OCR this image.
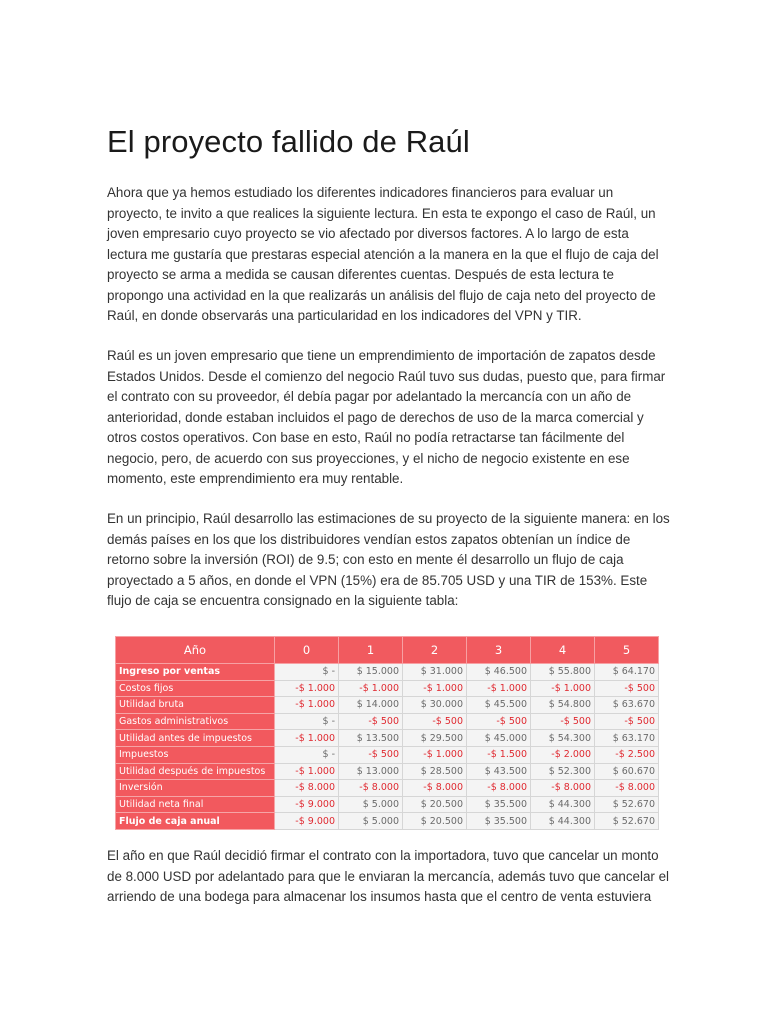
El proyecto fallido de Raúl

Ahora que ya hemos estudiado los diferentes indicadores financieros para evaluar un
proyecto, te invito a que realices la siguiente lectura. En esta te expongo el caso de Raúl, un
joven empresario cuyo proyecto se vio afectado por diversos factores. A lo largo de esta
lectura me gustaría que prestaras especial atención a la manera en la que el flujo de caja del
proyecto se arma a medida se causan diferentes cuentas. Después de esta lectura te
propongo una actividad en la que realizarás un análisis del flujo de caja neto del proyecto de
Raúl, en donde observarás una particularidad en los indicadores del VPN y TIR.

Raúl es un joven empresario que tiene un emprendimiento de importación de zapatos desde
Estados Unidos. Desde el comienzo del negocio Raúl tuvo sus dudas, puesto que, para firmar
el contrato con su proveedor, él debía pagar por adelantado la mercancía con un año de
anterioridad, donde estaban incluidos el pago de derechos de uso de la marca comercial y
otros costos operativos. Con base en esto, Raúl no podía retractarse tan fácilmente del
negocio, pero, de acuerdo con sus proyecciones, y el nicho de negocio existente en ese
momento, este emprendimiento era muy rentable.

En un principio, Raúl desarrollo las estimaciones de su proyecto de la siguiente manera: en los
demás países en los que los distribuidores vendían estos zapatos obtenían un índice de
retorno sobre la inversión (ROI) de 9.5; con esto en mente él desarrollo un flujo de caja
proyectado a 5 años, en donde el VPN (15%) era de 85.705 USD y una TIR de 153%. Este
flujo de caja se encuentra consignado en la siguiente tabla:

Año	0	1	2	3	4	5
Ingreso por ventas	$ -	$ 15.000	$ 31.000	$ 46.500	$ 55.800	$ 64.170
Costos fijos	-$ 1.000	-$ 1.000	-$ 1.000	-$ 1.000	-$ 1.000	-$ 500
Utilidad bruta	-$ 1.000	$ 14.000	$ 30.000	$ 45.500	$ 54.800	$ 63.670
Gastos administrativos	$ -	-$ 500	-$ 500	-$ 500	-$ 500	-$ 500
Utilidad antes de impuestos	-$ 1.000	$ 13.500	$ 29.500	$ 45.000	$ 54.300	$ 63.170
Impuestos	$ -	-$ 500	-$ 1.000	-$ 1.500	-$ 2.000	-$ 2.500
Utilidad después de impuestos	-$ 1.000	$ 13.000	$ 28.500	$ 43.500	$ 52.300	$ 60.670
Inversión	-$ 8.000	-$ 8.000	-$ 8.000	-$ 8.000	-$ 8.000	-$ 8.000
Utilidad neta final	-$ 9.000	$ 5.000	$ 20.500	$ 35.500	$ 44.300	$ 52.670
Flujo de caja anual	-$ 9.000	$ 5.000	$ 20.500	$ 35.500	$ 44.300	$ 52.670

El año en que Raúl decidió firmar el contrato con la importadora, tuvo que cancelar un monto
de 8.000 USD por adelantado para que le enviaran la mercancía, además tuvo que cancelar el
arriendo de una bodega para almacenar los insumos hasta que el centro de venta estuviera
